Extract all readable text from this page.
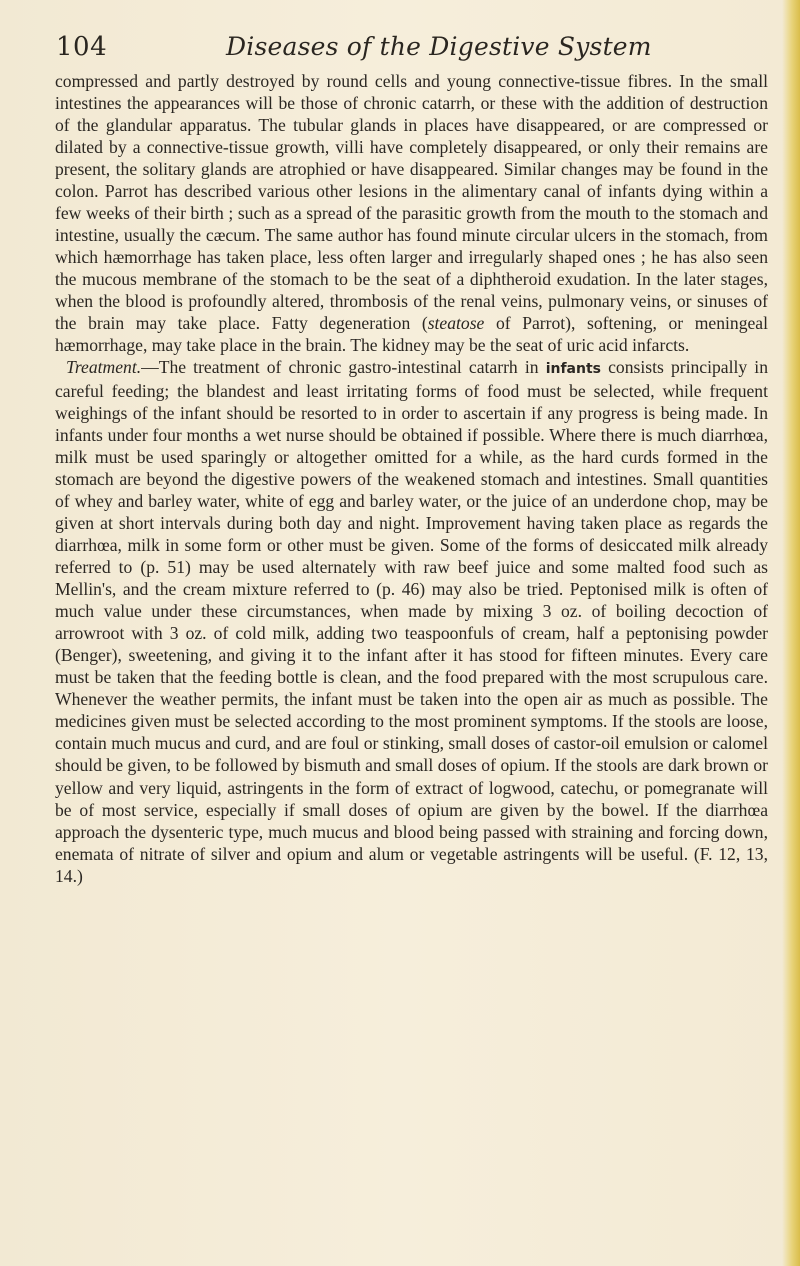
104	Diseases of the Digestive System

compressed and partly destroyed by round cells and young connective-tissue fibres. In the small intestines the appearances will be those of chronic catarrh, or these with the addition of destruction of the glandular apparatus. The tubular glands in places have disappeared, or are compressed or dilated by a connective-tissue growth, villi have completely disappeared, or only their remains are present, the solitary glands are atrophied or have disappeared. Similar changes may be found in the colon. Parrot has described various other lesions in the alimentary canal of infants dying within a few weeks of their birth ; such as a spread of the parasitic growth from the mouth to the stomach and intestine, usually the cæcum. The same author has found minute circular ulcers in the stomach, from which hæmorrhage has taken place, less often larger and irregularly shaped ones ; he has also seen the mucous membrane of the stomach to be the seat of a diphtheroid exudation. In the later stages, when the blood is profoundly altered, thrombosis of the renal veins, pulmonary veins, or sinuses of the brain may take place. Fatty degeneration (steatose of Parrot), softening, or meningeal hæmorrhage, may take place in the brain. The kidney may be the seat of uric acid infarcts.

Treatment.—The treatment of chronic gastro-intestinal catarrh in infants consists principally in careful feeding; the blandest and least irritating forms of food must be selected, while frequent weighings of the infant should be resorted to in order to ascertain if any progress is being made. In infants under four months a wet nurse should be obtained if possible. Where there is much diarrhœa, milk must be used sparingly or altogether omitted for a while, as the hard curds formed in the stomach are beyond the digestive powers of the weakened stomach and intestines. Small quantities of whey and barley water, white of egg and barley water, or the juice of an underdone chop, may be given at short intervals during both day and night. Improvement having taken place as regards the diarrhœa, milk in some form or other must be given. Some of the forms of desiccated milk already referred to (p. 51) may be used alternately with raw beef juice and some malted food such as Mellin's, and the cream mixture referred to (p. 46) may also be tried. Peptonised milk is often of much value under these circumstances, when made by mixing 3 oz. of boiling decoction of arrowroot with 3 oz. of cold milk, adding two teaspoonfuls of cream, half a peptonising powder (Benger), sweetening, and giving it to the infant after it has stood for fifteen minutes. Every care must be taken that the feeding bottle is clean, and the food prepared with the most scrupulous care. Whenever the weather permits, the infant must be taken into the open air as much as possible. The medicines given must be selected according to the most prominent symptoms. If the stools are loose, contain much mucus and curd, and are foul or stinking, small doses of castor-oil emulsion or calomel should be given, to be followed by bismuth and small doses of opium. If the stools are dark brown or yellow and very liquid, astringents in the form of extract of logwood, catechu, or pomegranate will be of most service, especially if small doses of opium are given by the bowel. If the diarrhœa approach the dysenteric type, much mucus and blood being passed with straining and forcing down, enemata of nitrate of silver and opium and alum or vegetable astringents will be useful. (F. 12, 13, 14.)
